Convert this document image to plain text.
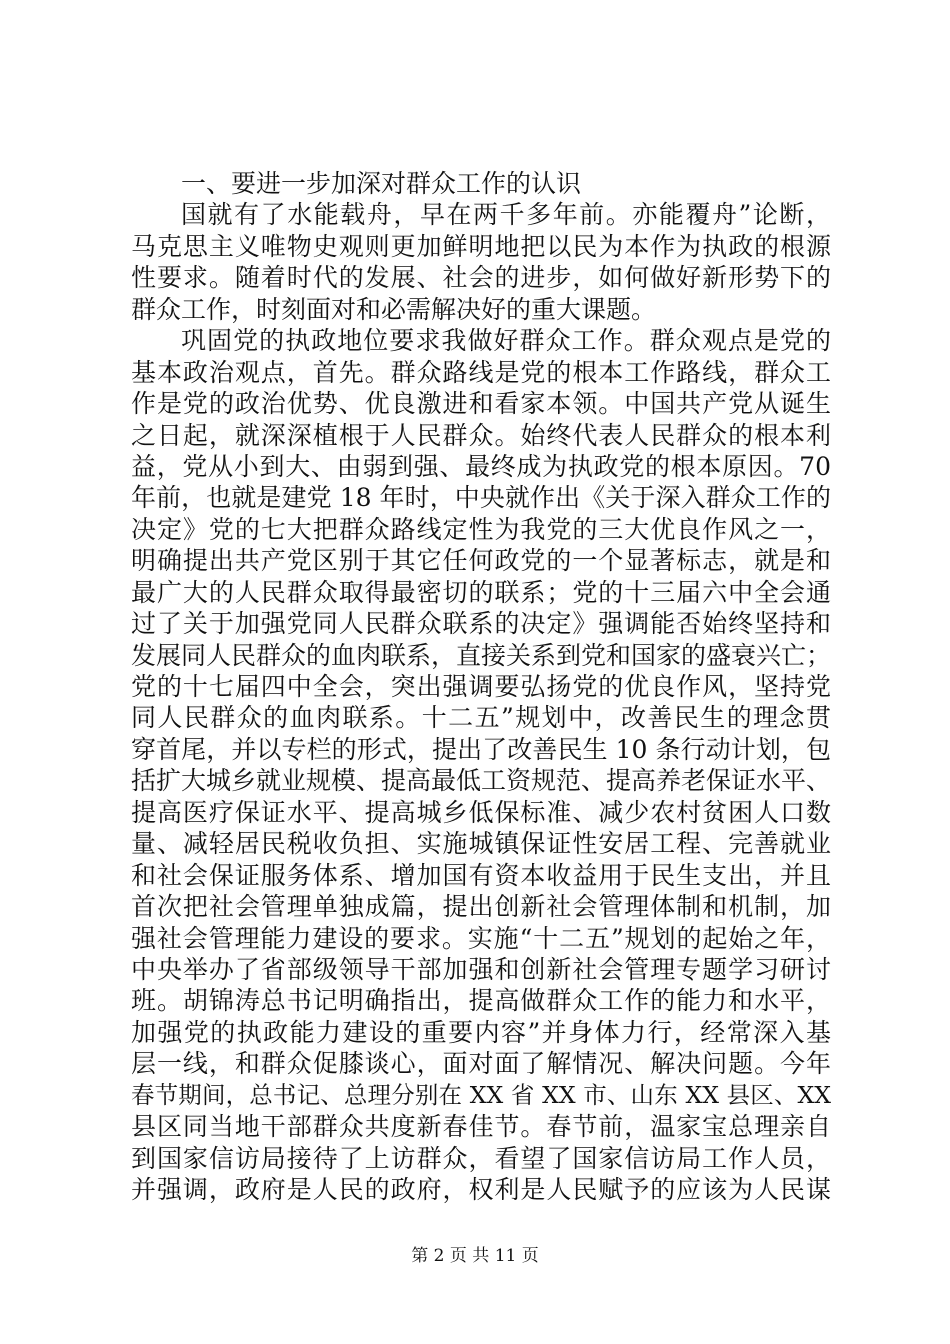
一、要进一步加深对群众工作的认识
国就有了水能载舟，早在两千多年前。亦能覆舟”论断，
马克思主义唯物史观则更加鲜明地把以民为本作为执政的根源
性要求。随着时代的发展、社会的进步，如何做好新形势下的
群众工作，时刻面对和必需解决好的重大课题。
巩固党的执政地位要求我做好群众工作。群众观点是党的
基本政治观点，首先。群众路线是党的根本工作路线，群众工
作是党的政治优势、优良激进和看家本领。中国共产党从诞生
之日起，就深深植根于人民群众。始终代表人民群众的根本利
益，党从小到大、由弱到强、最终成为执政党的根本原因。70
年前，也就是建党 18 年时，中央就作出《关于深入群众工作的
决定》党的七大把群众路线定性为我党的三大优良作风之一，
明确提出共产党区别于其它任何政党的一个显著标志，就是和
最广大的人民群众取得最密切的联系；党的十三届六中全会通
过了关于加强党同人民群众联系的决定》强调能否始终坚持和
发展同人民群众的血肉联系，直接关系到党和国家的盛衰兴亡；
党的十七届四中全会，突出强调要弘扬党的优良作风，坚持党
同人民群众的血肉联系。十二五”规划中，改善民生的理念贯
穿首尾，并以专栏的形式，提出了改善民生 10 条行动计划，包
括扩大城乡就业规模、提高最低工资规范、提高养老保证水平、
提高医疗保证水平、提高城乡低保标准、减少农村贫困人口数
量、减轻居民税收负担、实施城镇保证性安居工程、完善就业
和社会保证服务体系、增加国有资本收益用于民生支出，并且
首次把社会管理单独成篇，提出创新社会管理体制和机制，加
强社会管理能力建设的要求。实施“十二五”规划的起始之年，
中央举办了省部级领导干部加强和创新社会管理专题学习研讨
班。胡锦涛总书记明确指出，提高做群众工作的能力和水平，
加强党的执政能力建设的重要内容”并身体力行，经常深入基
层一线，和群众促膝谈心，面对面了解情况、解决问题。今年
春节期间，总书记、总理分别在 XX 省 XX 市、山东 XX 县区、XX
县区同当地干部群众共度新春佳节。春节前，温家宝总理亲自
到国家信访局接待了上访群众，看望了国家信访局工作人员，
并强调，政府是人民的政府，权利是人民赋予的应该为人民谋
第 2 页 共 11 页
